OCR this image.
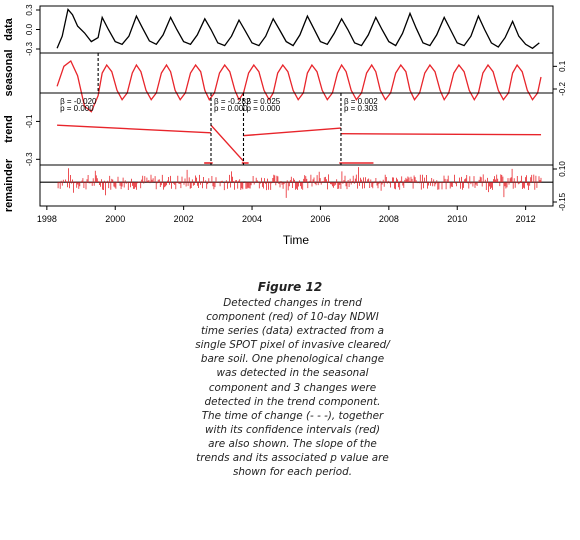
data
-0.3
0.0
0.3
seasonal	0.1
-0.2
trend -0.1
-0.3
β = -0.020
p = 0.000
β = -0.282
p = 0.000
β = 0.025
p = 0.000
β = 0.002
p = 0.303
remainder	0.10
-0.15
1998	2000	2002	2004	2006	2008	2010	2012
Time
Figure 12
Detected changes in trend component (red) of 10-day NDWI time series (data) extracted from a single SPOT pixel of invasive cleared/ bare soil. One phenological change was detected in the seasonal component and 3 changes were detected in the trend component. The time of change (- - -), together with its confidence intervals (red) are also shown. The slope of the trends and its associated p value are shown for each period.
